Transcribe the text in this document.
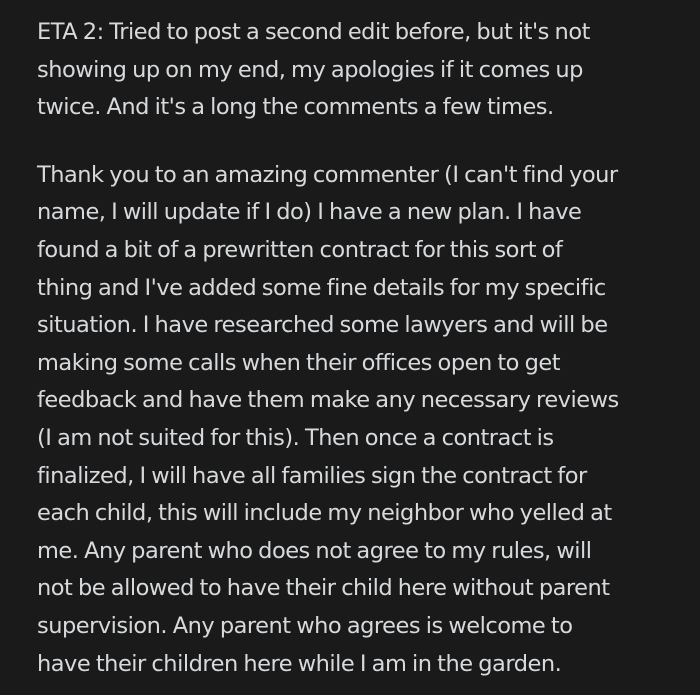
ETA 2: Tried to post a second edit before, but it's not
showing up on my end, my apologies if it comes up
twice. And it's a long the comments a few times.

Thank you to an amazing commenter (I can't find your
name, I will update if I do) I have a new plan. I have
found a bit of a prewritten contract for this sort of
thing and I've added some fine details for my specific
situation. I have researched some lawyers and will be
making some calls when their offices open to get
feedback and have them make any necessary reviews
(I am not suited for this). Then once a contract is
finalized, I will have all families sign the contract for
each child, this will include my neighbor who yelled at
me. Any parent who does not agree to my rules, will
not be allowed to have their child here without parent
supervision. Any parent who agrees is welcome to
have their children here while I am in the garden.
